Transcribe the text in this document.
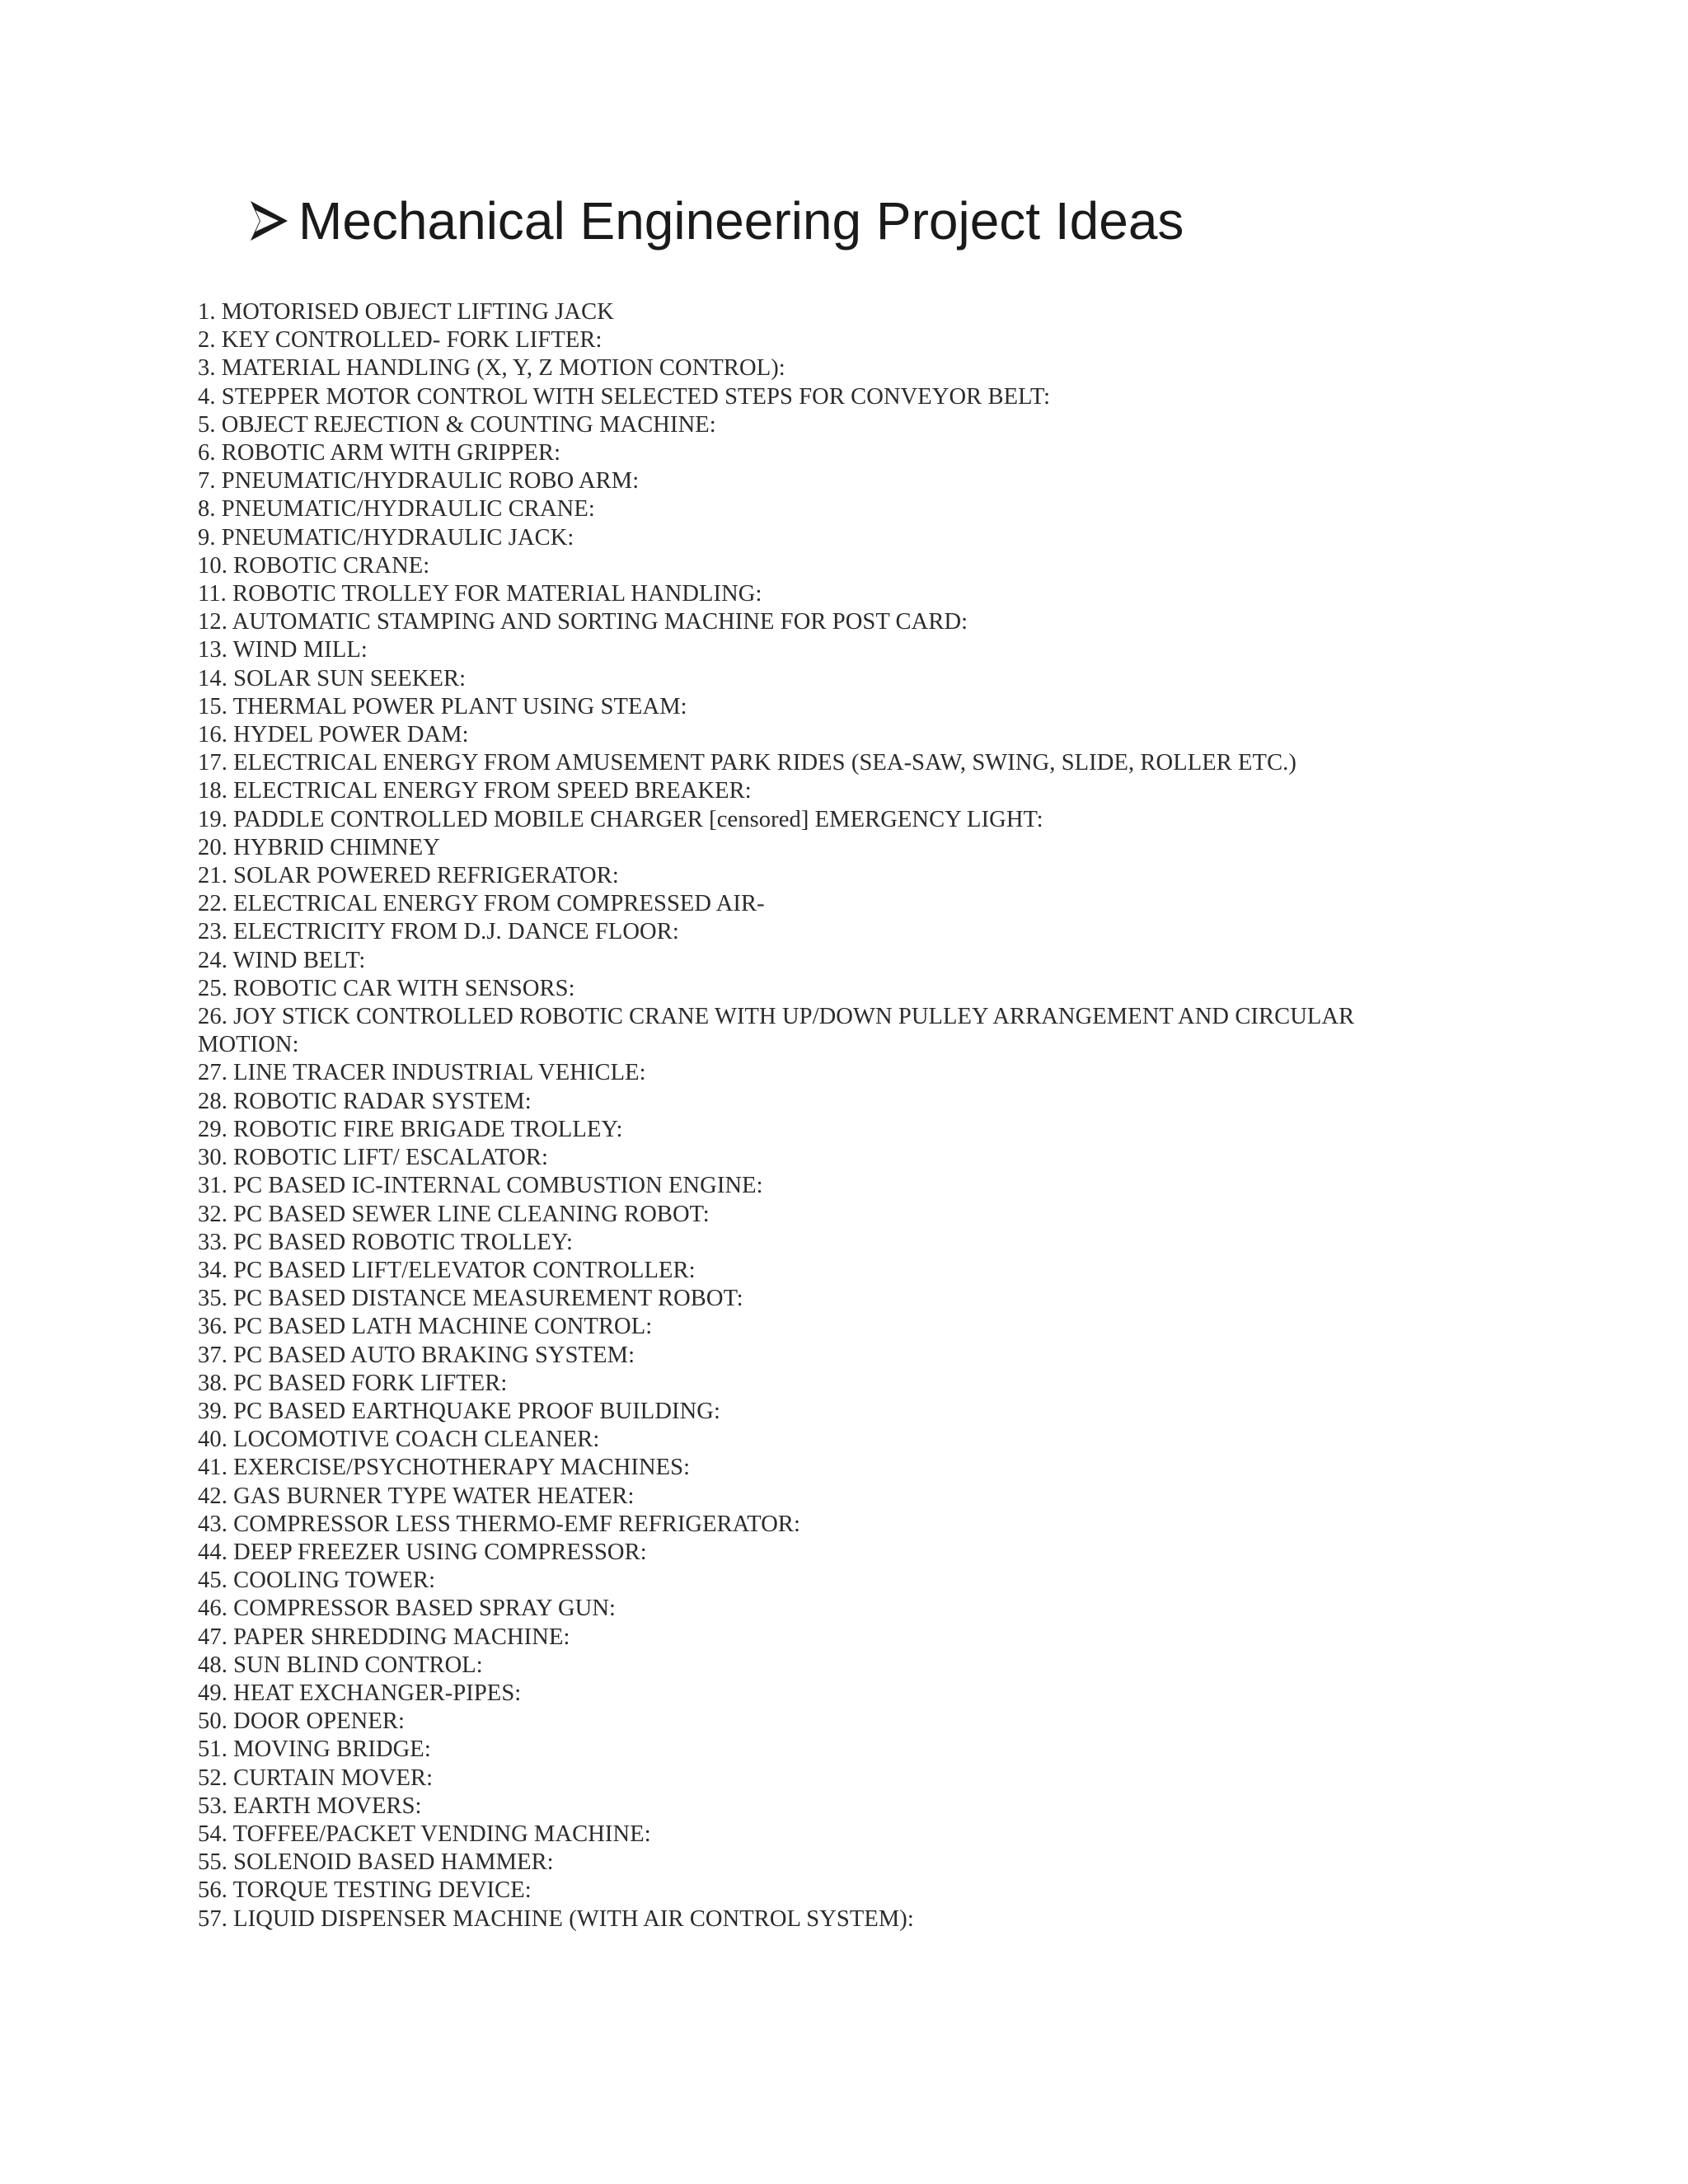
Mechanical Engineering Project Ideas
1. MOTORISED OBJECT LIFTING JACK
2. KEY CONTROLLED- FORK LIFTER:
3. MATERIAL HANDLING (X, Y, Z MOTION CONTROL):
4. STEPPER MOTOR CONTROL WITH SELECTED STEPS FOR CONVEYOR BELT:
5. OBJECT REJECTION & COUNTING MACHINE:
6. ROBOTIC ARM WITH GRIPPER:
7. PNEUMATIC/HYDRAULIC ROBO ARM:
8. PNEUMATIC/HYDRAULIC CRANE:
9. PNEUMATIC/HYDRAULIC JACK:
10. ROBOTIC CRANE:
11. ROBOTIC TROLLEY FOR MATERIAL HANDLING:
12. AUTOMATIC STAMPING AND SORTING MACHINE FOR POST CARD:
13. WIND MILL:
14. SOLAR SUN SEEKER:
15. THERMAL POWER PLANT USING STEAM:
16. HYDEL POWER DAM:
17. ELECTRICAL ENERGY FROM AMUSEMENT PARK RIDES (SEA-SAW, SWING, SLIDE, ROLLER ETC.)
18. ELECTRICAL ENERGY FROM SPEED BREAKER:
19. PADDLE CONTROLLED MOBILE CHARGER [censored] EMERGENCY LIGHT:
20. HYBRID CHIMNEY
21. SOLAR POWERED REFRIGERATOR:
22. ELECTRICAL ENERGY FROM COMPRESSED AIR-
23. ELECTRICITY FROM D.J. DANCE FLOOR:
24. WIND BELT:
25. ROBOTIC CAR WITH SENSORS:
26. JOY STICK CONTROLLED ROBOTIC CRANE WITH UP/DOWN PULLEY ARRANGEMENT AND CIRCULAR MOTION:
27. LINE TRACER INDUSTRIAL VEHICLE:
28. ROBOTIC RADAR SYSTEM:
29. ROBOTIC FIRE BRIGADE TROLLEY:
30. ROBOTIC LIFT/ ESCALATOR:
31. PC BASED IC-INTERNAL COMBUSTION ENGINE:
32. PC BASED SEWER LINE CLEANING ROBOT:
33. PC BASED ROBOTIC TROLLEY:
34. PC BASED LIFT/ELEVATOR CONTROLLER:
35. PC BASED DISTANCE MEASUREMENT ROBOT:
36. PC BASED LATH MACHINE CONTROL:
37. PC BASED AUTO BRAKING SYSTEM:
38. PC BASED FORK LIFTER:
39. PC BASED EARTHQUAKE PROOF BUILDING:
40. LOCOMOTIVE COACH CLEANER:
41. EXERCISE/PSYCHOTHERAPY MACHINES:
42. GAS BURNER TYPE WATER HEATER:
43. COMPRESSOR LESS THERMO-EMF REFRIGERATOR:
44. DEEP FREEZER USING COMPRESSOR:
45. COOLING TOWER:
46. COMPRESSOR BASED SPRAY GUN:
47. PAPER SHREDDING MACHINE:
48. SUN BLIND CONTROL:
49. HEAT EXCHANGER-PIPES:
50. DOOR OPENER:
51. MOVING BRIDGE:
52. CURTAIN MOVER:
53. EARTH MOVERS:
54. TOFFEE/PACKET VENDING MACHINE:
55. SOLENOID BASED HAMMER:
56. TORQUE TESTING DEVICE:
57. LIQUID DISPENSER MACHINE (WITH AIR CONTROL SYSTEM):
